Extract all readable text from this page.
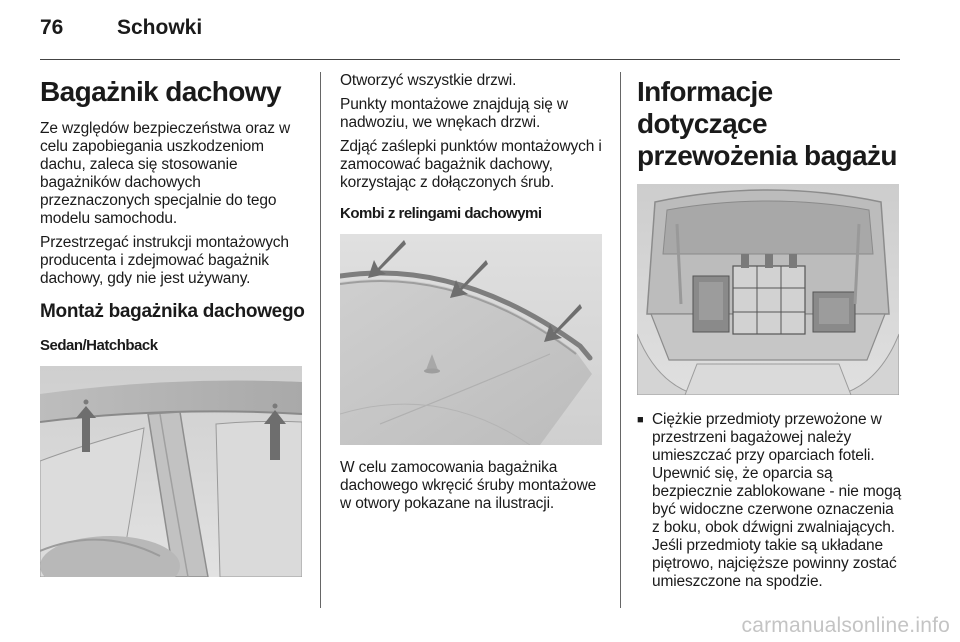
76	Schowki
Bagażnik dachowy

Ze względów bezpieczeństwa oraz w celu zapobiegania uszkodzeniom dachu, zaleca się stosowanie bagażników dachowych przeznaczonych specjalnie do tego modelu samochodu.

Przestrzegać instrukcji montażowych producenta i zdejmować bagażnik dachowy, gdy nie jest używany.

Montaż bagażnika dachowego
Sedan/Hatchback

Otworzyć wszystkie drzwi.

Punkty montażowe znajdują się w nadwoziu, we wnękach drzwi.

Zdjąć zaślepki punktów montażowych i zamocować bagażnik dachowy, korzystając z dołączonych śrub.

Kombi z relingami dachowymi

W celu zamocowania bagażnika dachowego wkręcić śruby montażowe w otwory pokazane na ilustracji.

Informacje dotyczące przewożenia bagażu
■ Ciężkie przedmioty przewożone w przestrzeni bagażowej należy umieszczać przy oparciach foteli. Upewnić się, że oparcia są bezpiecznie zablokowane - nie mogą być widoczne czerwone oznaczenia z boku, obok dźwigni zwalniających. Jeśli przedmioty takie są układane piętrowo, najcięższe powinny zostać umieszczone na spodzie.
carmanualsonline.info
